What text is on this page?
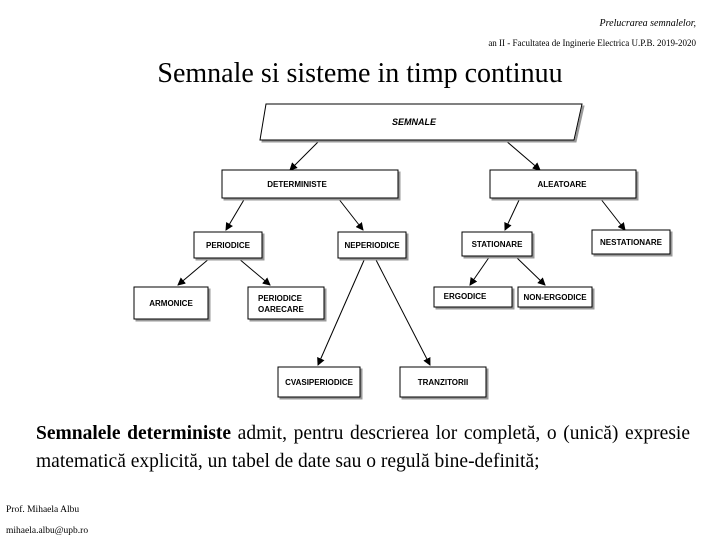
Prelucrarea semnalelor,
an II - Facultatea de Inginerie Electrica U.P.B. 2019-2020
Semnale si sisteme in timp continuu
SEMNALE
DETERMINISTE	ALEATOARE
PERIODICE	NEPERIODICE	STATIONARE	NESTATIONARE
ARMONICE
PERIODICE
OARECARE
ERGODICE	NON-ERGODICE
CVASIPERIODICE	TRANZITORII
Semnalele deterministe admit, pentru descrierea lor completă, o (unică) expresie matematică explicită, un tabel de date sau o regulă bine-definită;
Prof. Mihaela Albu
mihaela.albu@upb.ro
